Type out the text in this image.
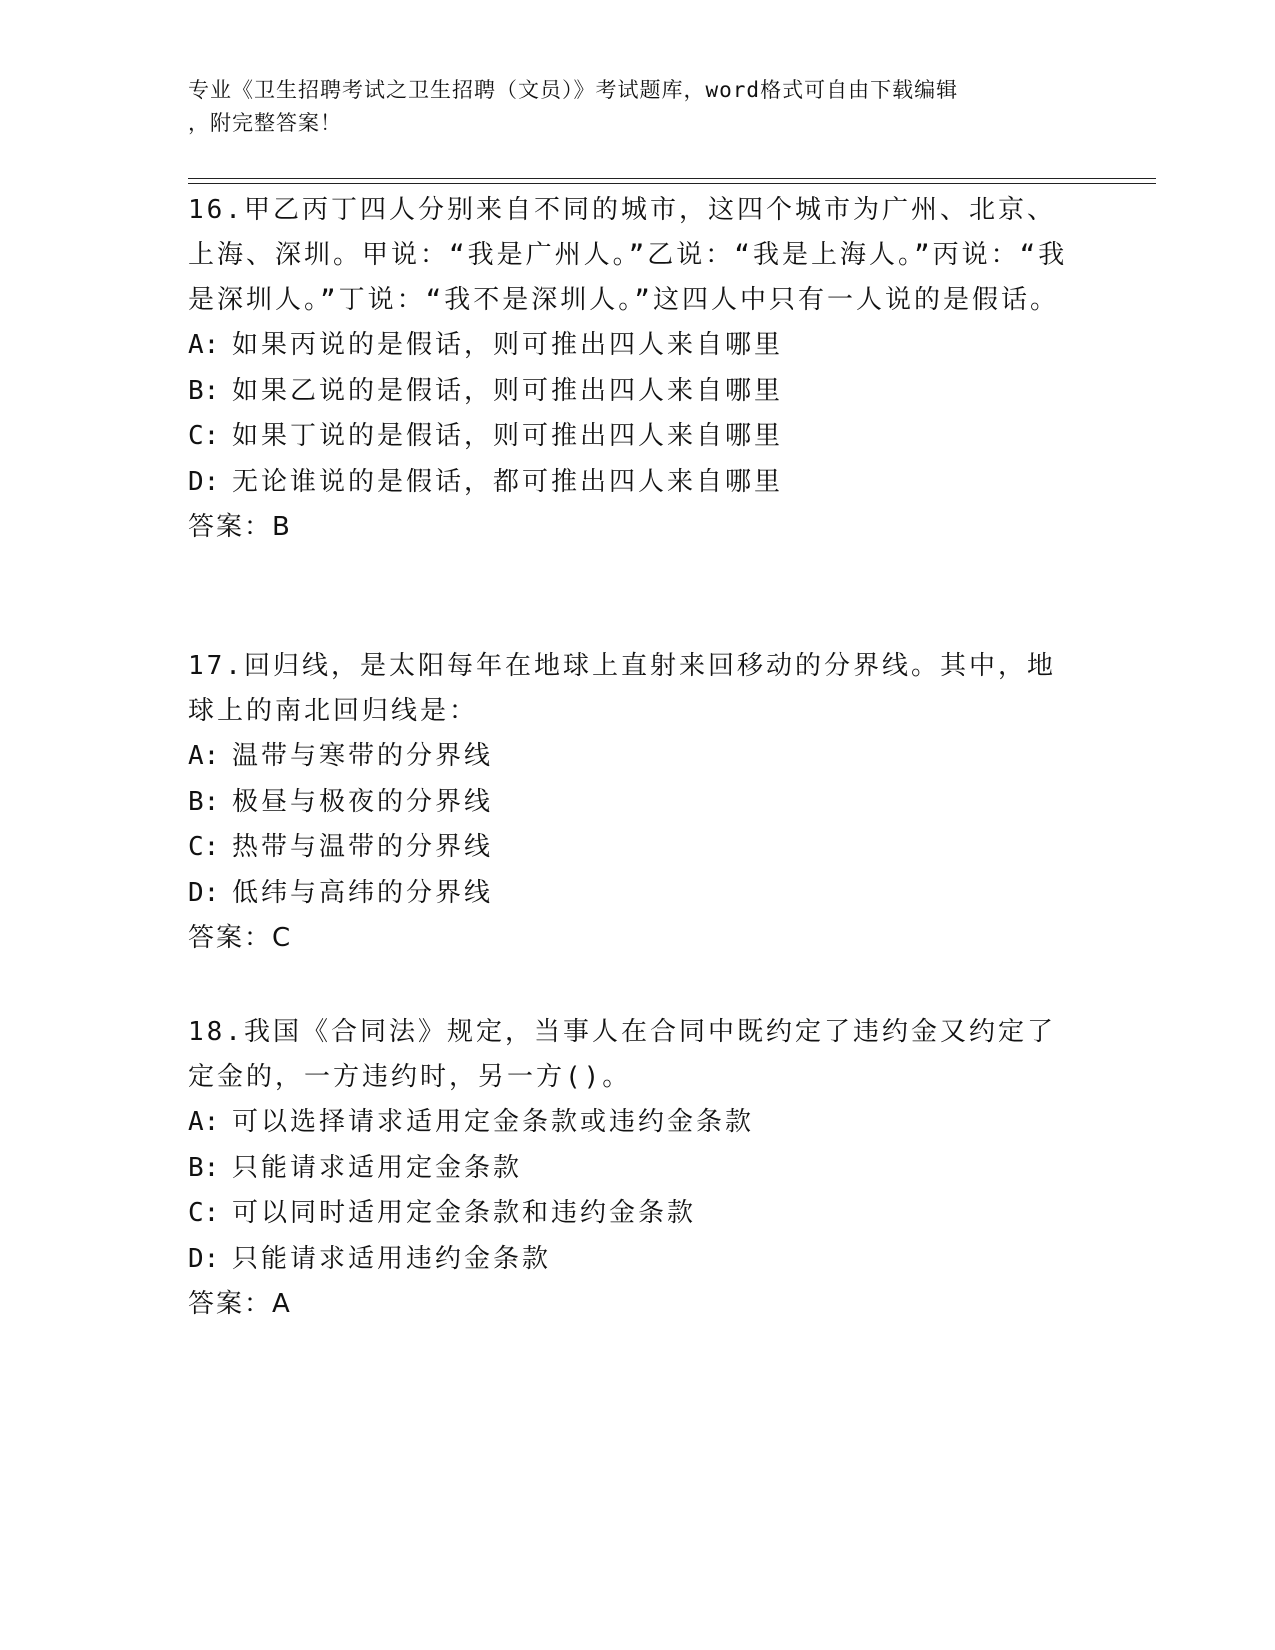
专业《卫生招聘考试之卫生招聘（文员）》考试题库，word格式可自由下载编辑
，附完整答案！
16.甲乙丙丁四人分别来自不同的城市，这四个城市为广州、北京、上海、深圳。甲说：“我是广州人。”乙说：“我是上海人。”丙说：“我是深圳人。”丁说：“我不是深圳人。”这四人中只有一人说的是假话。
A: 如果丙说的是假话，则可推出四人来自哪里
B: 如果乙说的是假话，则可推出四人来自哪里
C: 如果丁说的是假话，则可推出四人来自哪里
D: 无论谁说的是假话，都可推出四人来自哪里
答案：B
17.回归线，是太阳每年在地球上直射来回移动的分界线。其中，地球上的南北回归线是：
A: 温带与寒带的分界线
B: 极昼与极夜的分界线
C: 热带与温带的分界线
D: 低纬与高纬的分界线
答案：C
18.我国《合同法》规定，当事人在合同中既约定了违约金又约定了定金的，一方违约时，另一方()。
A: 可以选择请求适用定金条款或违约金条款
B: 只能请求适用定金条款
C: 可以同时适用定金条款和违约金条款
D: 只能请求适用违约金条款
答案：A
